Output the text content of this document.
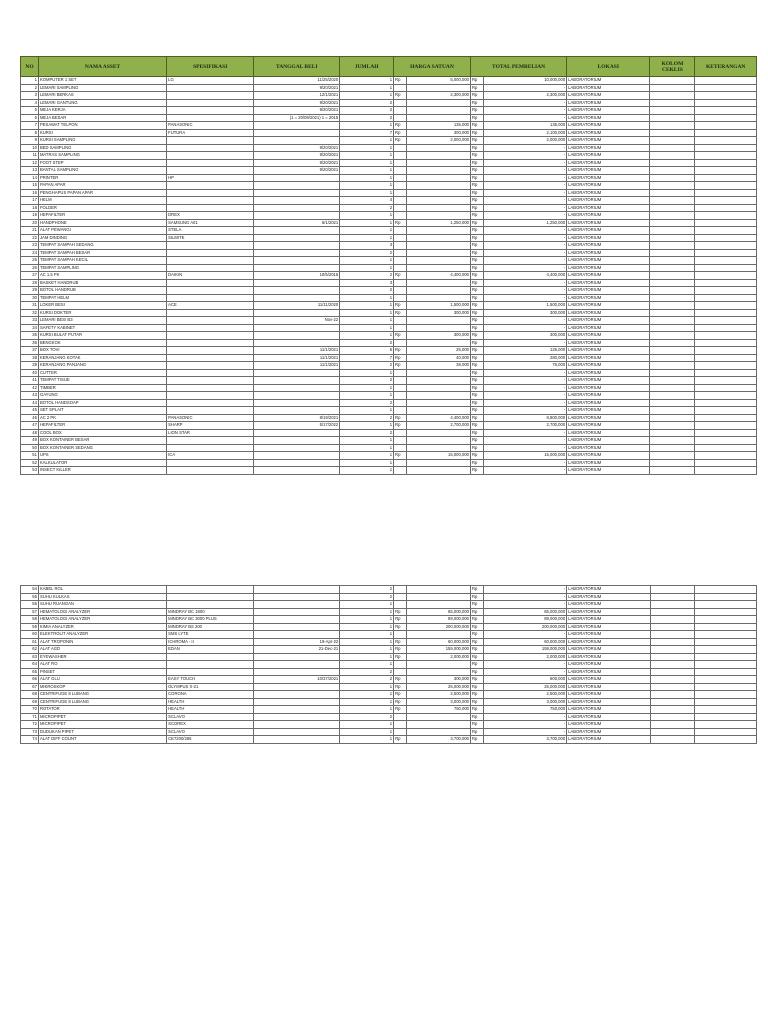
NO	NAMA ASSET	SPESIFIKASI	TANGGAL BELI	JUMLAH	HARGA SATUAN		TOTAL PEMBELIAN		LOKASI	KOLOM CEKLIS	KETERANGAN
1	KOMPUTER 1 SET	LG	11/25/2020	1	Rp	5,000,000	Rp	10,000,000	LABORATORIUM		
2	LEMARI SAMPLING		9/20/2021	1			Rp	-	LABORATORIUM		
3	LEMARI BERKAS		12/1/2021	1	Rp	2,300,000	Rp	2,300,000	LABORATORIUM		
4	LEMARI GANTUNG		9/20/2021	2			Rp	-	LABORATORIUM		
5	MEJA KERJA		9/20/2021	2			Rp	-	LABORATORIUM		
6	MEJA BESAR		(1 = 20/09/2021) 1 = 2015	2			Rp	-	LABORATORIUM		
7	PESAWAT TELPON	PANASONIC		1	Rp	135,000	Rp	135,000	LABORATORIUM		
8	KURSI	FUTURA		7	Rp	300,000	Rp	2,100,000	LABORATORIUM		
9	KURSI SAMPLING			1	Rp	2,000,000	Rp	2,000,000	LABORATORIUM		
10	BED SAMPLING		9/20/2021	1			Rp	-	LABORATORIUM		
11	MATRAS SAMPLING		9/20/2021	1			Rp	-	LABORATORIUM		
12	FOOT STEP		9/20/2021	1			Rp	-	LABORATORIUM		
13	BANTAL SAMPLING		9/20/2021	1			Rp	-	LABORATORIUM		
14	PRINTER	HP		1			Rp	-	LABORATORIUM		
15	PAPAN APAR			1			Rp	-	LABORATORIUM		
16	PENGHAPUS PAPAN APAR			1			Rp	-	LABORATORIUM		
17	HELM			4			Rp	-	LABORATORIUM		
18	FOLDER			2			Rp	-	LABORATORIUM		
19	HEPAFILTER	DREX		1			Rp	-	LABORATORIUM		
20	HANDPHONE	SAMSUNG A01	6/1/2021	1	Rp	1,250,000	Rp	1,250,000	LABORATORIUM		
21	ALAT PEWANGI	STELA		1			Rp	-	LABORATORIUM		
22	JAM DINDING	SILMITE		1			Rp	-	LABORATORIUM		
23	TEMPAT SAMPAH SEDANG			3			Rp	-	LABORATORIUM		
24	TEMPAT SAMPAH BESAR			2			Rp	-	LABORATORIUM		
25	TEMPAT SAMPAH KECIL			1			Rp	-	LABORATORIUM		
26	TEMPAT SAMPLING			1			Rp	-	LABORATORIUM		
27	AC 1,5 PK	DAIKIN	10/5/2016	2	Rp	4,400,000	Rp	4,400,000	LABORATORIUM		
28	BASKET HANDRUB			3			Rp	-	LABORATORIUM		
29	BOTOL HANDRUB			2			Rp	-	LABORATORIUM		
30	TEMPAT HELM			1			Rp	-	LABORATORIUM		
31	LOKER BESI	ACE	11/11/2020	1	Rp	1,500,000	Rp	1,500,000	LABORATORIUM		
32	KURSI DOKTER			1	Rp	300,000	Rp	300,000	LABORATORIUM		
33	LEMARI BESI B3		Nov-22	1			Rp	-	LABORATORIUM		
34	SAFETY KABINET			1			Rp	-	LABORATORIUM		
35	KURSI BULAT PUTAR			1	Rp	300,000	Rp	300,000	LABORATORIUM		
36	BENGKOK			2			Rp	-	LABORATORIUM		
37	BOX TOVI		11/1/2021	5	Rp	25,000	Rp	125,000	LABORATORIUM		
38	KERANJANG KOTAK		11/1/2021	7	Rp	40,000	Rp	280,000	LABORATORIUM		
39	KERANJANG PANJANG		11/1/2021	2	Rp	38,000	Rp	76,000	LABORATORIUM		
40	CUTTER			1			Rp	-	LABORATORIUM		
41	TEMPAT TISUE			2			Rp	-	LABORATORIUM		
42	TIMBER			1			Rp	-	LABORATORIUM		
43	GAYUNG			1			Rp	-	LABORATORIUM		
44	BOTOL HANDSOAP			2			Rp	-	LABORATORIUM		
45	SET SPLAIT			1			Rp	-	LABORATORIUM		
46	AC 2 PK	PANASONIC	8/19/2021	2	Rp	4,400,000	Rp	8,800,000	LABORATORIUM		
47	HEPAFILTER	SHARP	5/17/2022	1	Rp	2,700,000	Rp	2,700,000	LABORATORIUM		
48	COOL BOX	LION STAR		2			Rp	-	LABORATORIUM		
49	BOX KONTAINER BESAR			1			Rp	-	LABORATORIUM		
50	BOX KONTAINER SEDANG			1			Rp	-	LABORATORIUM		
51	UPS	ICA		1	Rp	15,000,000	Rp	15,000,000	LABORATORIUM		
52	KALKULATOR			1			Rp	-	LABORATORIUM		
53	INSECT KILLER			1			Rp	-	LABORATORIUM		
54	KABEL ROL			2			Rp	-	LABORATORIUM		
55	SUHU KULKAS			2			Rp	-	LABORATORIUM		
56	SUHU RUANGAN			1			Rp	-	LABORATORIUM		
57	HEMATOLOGI ANALYZER	MINDRAY BC 1800		1	Rp	65,000,000	Rp	65,000,000	LABORATORIUM		
58	HEMATOLOGI ANALYZER	MINDRAY BC 3000 PLUS		1	Rp	89,000,000	Rp	89,000,000	LABORATORIUM		
59	KIMIA ANALYZER	MINDRAY BS 200		1	Rp	200,000,000	Rp	200,000,000	LABORATORIUM		
60	ELEKTROLIT ANALYZER	SMS LYTE		1			Rp	-	LABORATORIUM		
61	ALAT TROPONIN	ICHROMA - II	19-Apr-22	1	Rp	60,000,000	Rp	60,000,000	LABORATORIUM		
62	ALAT AGD	EDAN	21-Dec-21	1	Rp	159,000,000	Rp	159,000,000	LABORATORIUM		
63	EYEWASHER			1	Rp	2,000,000	Rp	2,000,000	LABORATORIUM		
64	ALAT RO			1			Rp	-	LABORATORIUM		
65	PINSET			2			Rp	-	LABORATORIUM		
66	ALAT GLU	EASY TOUCH	10/27/2021	2	Rp	300,000	Rp	600,000	LABORATORIUM		
67	MIKROSKOP	OLYMPUS X-21		1	Rp	25,000,000	Rp	25,000,000	LABORATORIUM		
68	CENTRIFUGE 8 LUBANG	CORONA		1	Rp	2,500,000	Rp	2,500,000	LABORATORIUM		
69	CENTRIFUGE 8 LUBANG	HEALTH		1	Rp	3,000,000	Rp	3,000,000	LABORATORIUM		
70	ROTATOR	HEALTH		1	Rp	750,000	Rp	750,000	LABORATORIUM		
71	MICROPIPET	SCLAVO		2			Rp	-	LABORATORIUM		
72	MICROPIPET	SCOREX		1			Rp	-	LABORATORIUM		
73	DUDUKAN PIPET	SCLAVO		1			Rp	-	LABORATORIUM		
74	ALAT DIFF COUNT	CE7200/286		1	Rp	3,700,000	Rp	3,700,000	LABORATORIUM		
